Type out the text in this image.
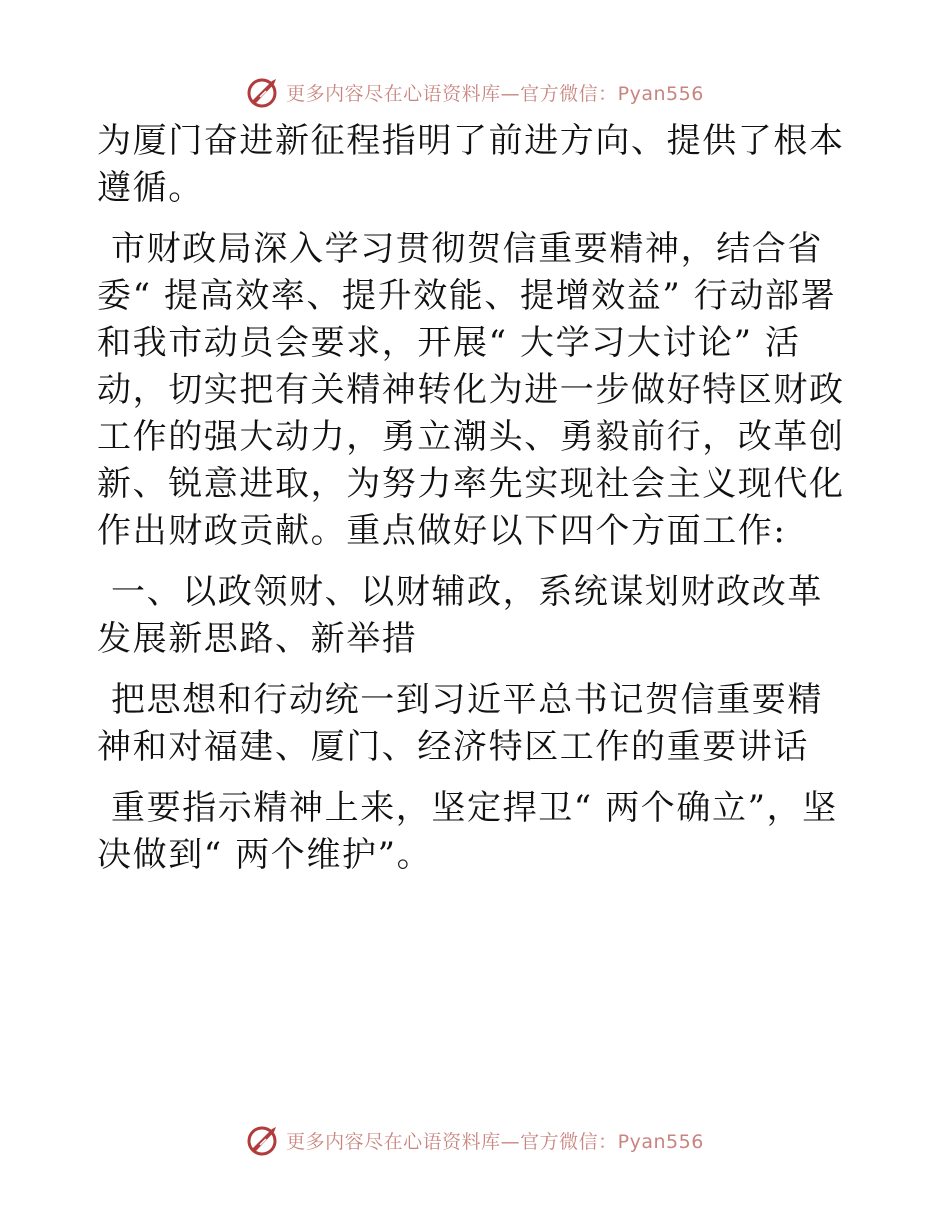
更多内容尽在心语资料库—官方微信：Pyan556

为厦门奋进新征程指明了前进方向、提供了根本遵循。

市财政局深入学习贯彻贺信重要精神，结合省委“ 提高效率、提升效能、提增效益” 行动部署和我市动员会要求，开展“ 大学习大讨论” 活动，切实把有关精神转化为进一步做好特区财政工作的强大动力，勇立潮头、勇毅前行，改革创新、锐意进取，为努力率先实现社会主义现代化作出财政贡献。重点做好以下四个方面工作:

一、以政领财、以财辅政，系统谋划财政改革发展新思路、新举措

把思想和行动统一到习近平总书记贺信重要精神和对福建、厦门、经济特区工作的重要讲话

重要指示精神上来，坚定捍卫“ 两个确立”，坚决做到“ 两个维护”。

更多内容尽在心语资料库—官方微信：Pyan556
